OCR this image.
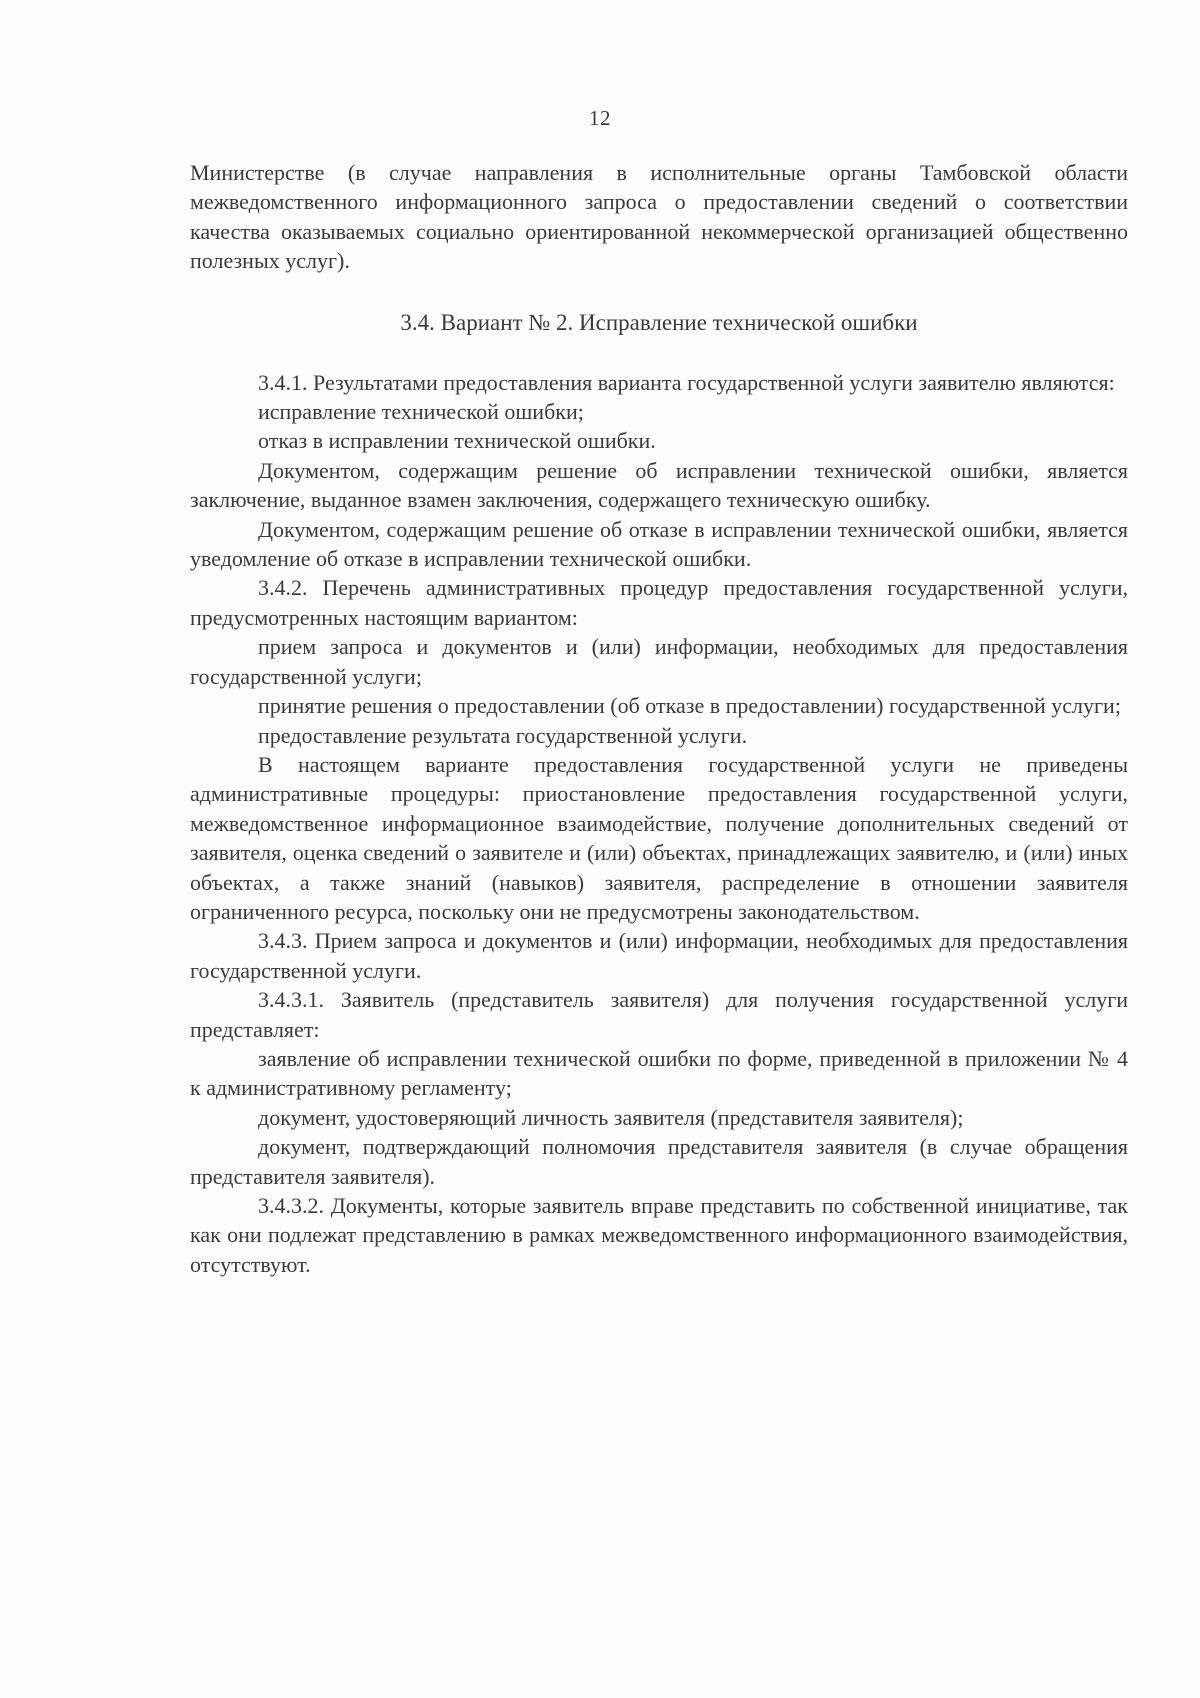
12

Министерстве (в случае направления в исполнительные органы Тамбовской области межведомственного информационного запроса о предоставлении сведений о соответствии качества оказываемых социально ориентированной некоммерческой организацией общественно полезных услуг).

3.4. Вариант № 2. Исправление технической ошибки

3.4.1. Результатами предоставления варианта государственной услуги заявителю являются:

исправление технической ошибки;

отказ в исправлении технической ошибки.

Документом, содержащим решение об исправлении технической ошибки, является заключение, выданное взамен заключения, содержащего техническую ошибку.

Документом, содержащим решение об отказе в исправлении технической ошибки, является уведомление об отказе в исправлении технической ошибки.

3.4.2. Перечень административных процедур предоставления государственной услуги, предусмотренных настоящим вариантом:

прием запроса и документов и (или) информации, необходимых для предоставления государственной услуги;

принятие решения о предоставлении (об отказе в предоставлении) государственной услуги;

предоставление результата государственной услуги.

В настоящем варианте предоставления государственной услуги не приведены административные процедуры: приостановление предоставления государственной услуги, межведомственное информационное взаимодействие, получение дополнительных сведений от заявителя, оценка сведений о заявителе и (или) объектах, принадлежащих заявителю, и (или) иных объектах, а также знаний (навыков) заявителя, распределение в отношении заявителя ограниченного ресурса, поскольку они не предусмотрены законодательством.

3.4.3. Прием запроса и документов и (или) информации, необходимых для предоставления государственной услуги.

3.4.3.1. Заявитель (представитель заявителя) для получения государственной услуги представляет:

заявление об исправлении технической ошибки по форме, приведенной в приложении № 4 к административному регламенту;

документ, удостоверяющий личность заявителя (представителя заявителя);

документ, подтверждающий полномочия представителя заявителя (в случае обращения представителя заявителя).

3.4.3.2. Документы, которые заявитель вправе представить по собственной инициативе, так как они подлежат представлению в рамках межведомственного информационного взаимодействия, отсутствуют.
